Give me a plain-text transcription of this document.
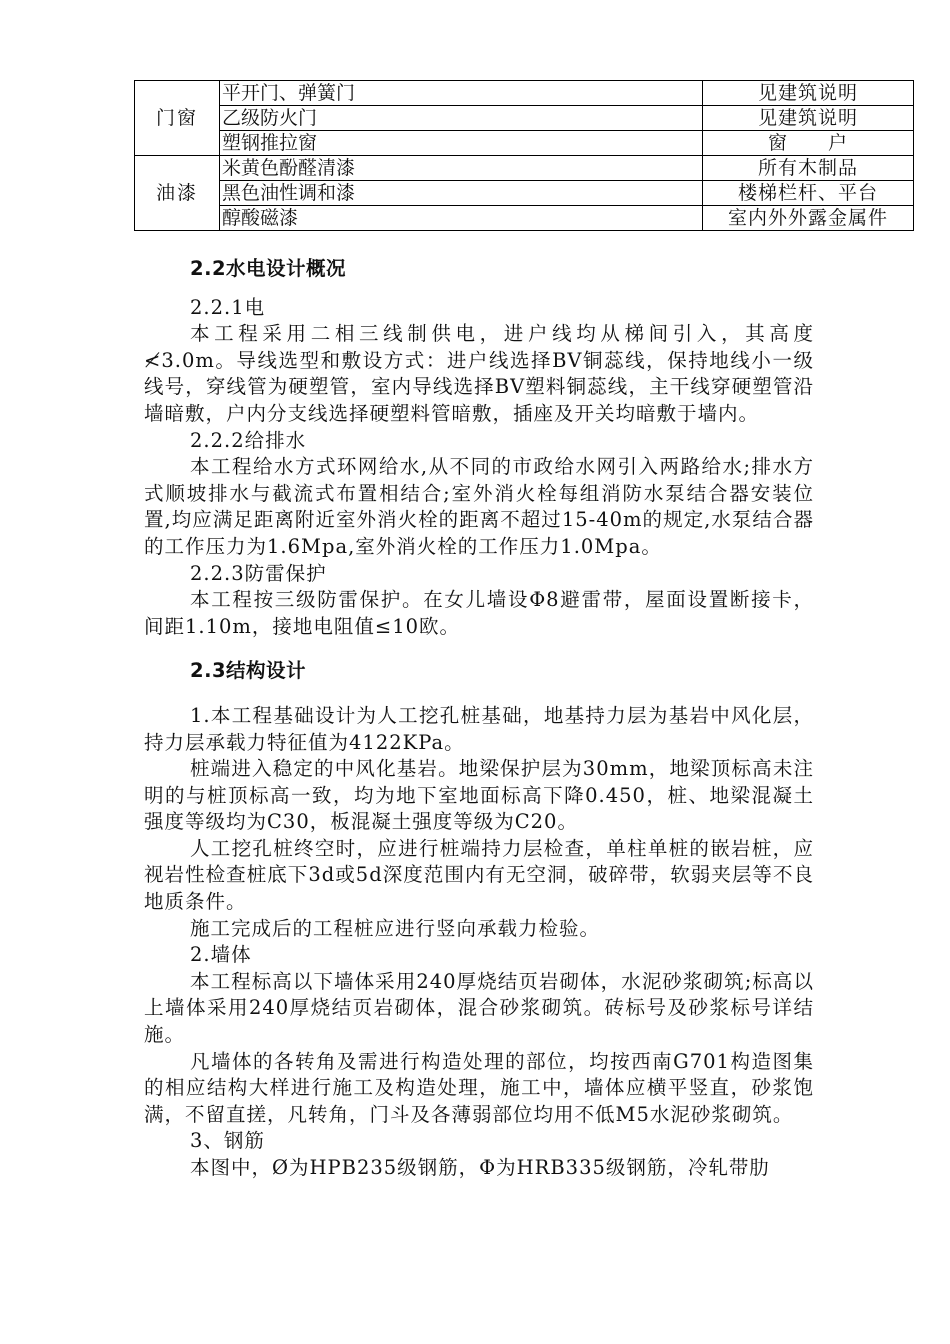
门窗	平开门、弹簧门	见建筑说明
	乙级防火门	见建筑说明
	塑钢推拉窗	窗　　户
油漆	米黄色酚醛清漆	所有木制品
	黑色油性调和漆	楼梯栏杆、平台
	醇酸磁漆	室内外外露金属件
2.2水电设计概况

2.2.1电

本工程采用二相三线制供电，进户线均从梯间引入，其高度≮3.0m。导线选型和敷设方式：进户线选择BV铜蕊线，保持地线小一级线号，穿线管为硬塑管，室内导线选择BV塑料铜蕊线，主干线穿硬塑管沿墙暗敷，户内分支线选择硬塑料管暗敷，插座及开关均暗敷于墙内。

2.2.2给排水

本工程给水方式环网给水,从不同的市政给水网引入两路给水;排水方式顺坡排水与截流式布置相结合;室外消火栓每组消防水泵结合器安装位置,均应满足距离附近室外消火栓的距离不超过15-40m的规定,水泵结合器的工作压力为1.6Mpa,室外消火栓的工作压力1.0Mpa。

2.2.3防雷保护

本工程按三级防雷保护。在女儿墙设Φ8避雷带，屋面设置断接卡，间距1.10m，接地电阻值≤10欧。

2.3结构设计

1.本工程基础设计为人工挖孔桩基础，地基持力层为基岩中风化层，持力层承载力特征值为4122KPa。

桩端进入稳定的中风化基岩。地梁保护层为30mm，地梁顶标高未注明的与桩顶标高一致，均为地下室地面标高下降0.450，桩、地梁混凝土强度等级均为C30，板混凝土强度等级为C20。

人工挖孔桩终空时，应进行桩端持力层检查，单柱单桩的嵌岩桩，应视岩性检查桩底下3d或5d深度范围内有无空洞，破碎带，软弱夹层等不良地质条件。

施工完成后的工程桩应进行竖向承载力检验。

2.墙体

本工程标高以下墙体采用240厚烧结页岩砌体，水泥砂浆砌筑;标高以上墙体采用240厚烧结页岩砌体，混合砂浆砌筑。砖标号及砂浆标号详结施。

凡墙体的各转角及需进行构造处理的部位，均按西南G701构造图集的相应结构大样进行施工及构造处理，施工中，墙体应横平竖直，砂浆饱满，不留直搓，凡转角，门斗及各薄弱部位均用不低M5水泥砂浆砌筑。

3、钢筋

本图中，Ø为HPB235级钢筋，Φ为HRB335级钢筋，冷轧带肋
